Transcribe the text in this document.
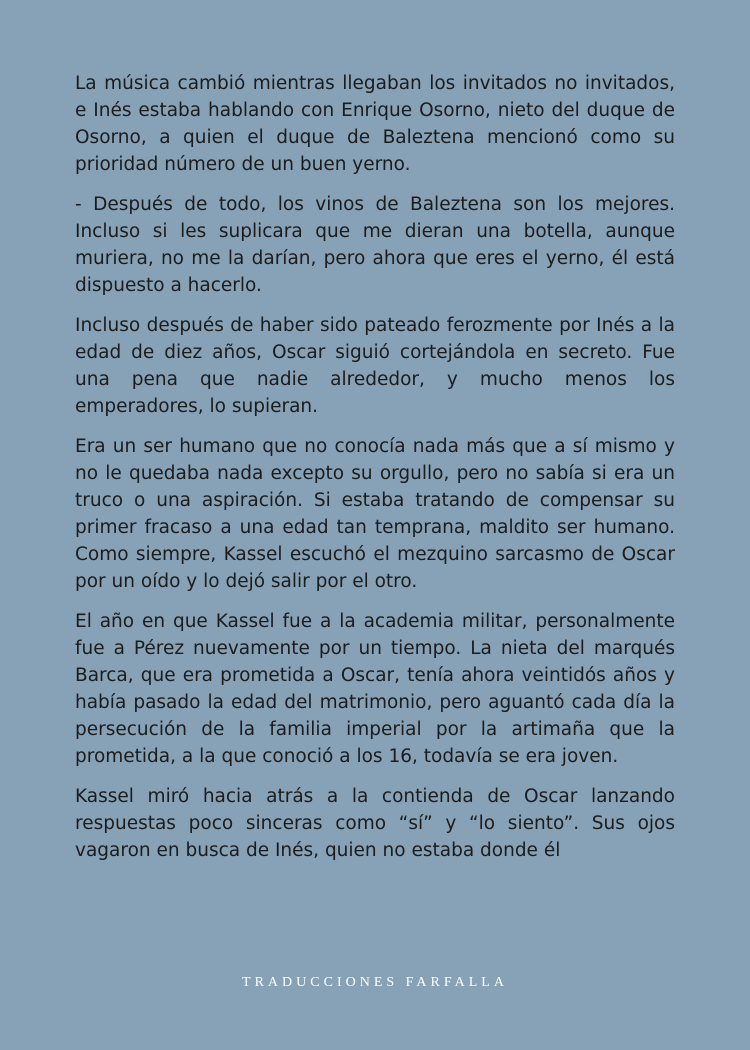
La música cambió mientras llegaban los invitados no invitados, e Inés estaba hablando con Enrique Osorno, nieto del duque de Osorno, a quien el duque de Baleztena mencionó como su prioridad número de un buen yerno.

- Después de todo, los vinos de Baleztena son los mejores. Incluso si les suplicara que me dieran una botella, aunque muriera, no me la darían, pero ahora que eres el yerno, él está dispuesto a hacerlo.

Incluso después de haber sido pateado ferozmente por Inés a la edad de diez años, Oscar siguió cortejándola en secreto. Fue una pena que nadie alrededor, y mucho menos los emperadores, lo supieran.

Era un ser humano que no conocía nada más que a sí mismo y no le quedaba nada excepto su orgullo, pero no sabía si era un truco o una aspiración. Si estaba tratando de compensar su primer fracaso a una edad tan temprana, maldito ser humano. Como siempre, Kassel escuchó el mezquino sarcasmo de Oscar por un oído y lo dejó salir por el otro.

El año en que Kassel fue a la academia militar, personalmente fue a Pérez nuevamente por un tiempo. La nieta del marqués Barca, que era prometida a Oscar, tenía ahora veintidós años y había pasado la edad del matrimonio, pero aguantó cada día la persecución de la familia imperial por la artimaña que la prometida, a la que conoció a los 16, todavía se era joven.

Kassel miró hacia atrás a la contienda de Oscar lanzando respuestas poco sinceras como “sí” y “lo siento”. Sus ojos vagaron en busca de Inés, quien no estaba donde él

TRADUCCIONES FARFALLA
